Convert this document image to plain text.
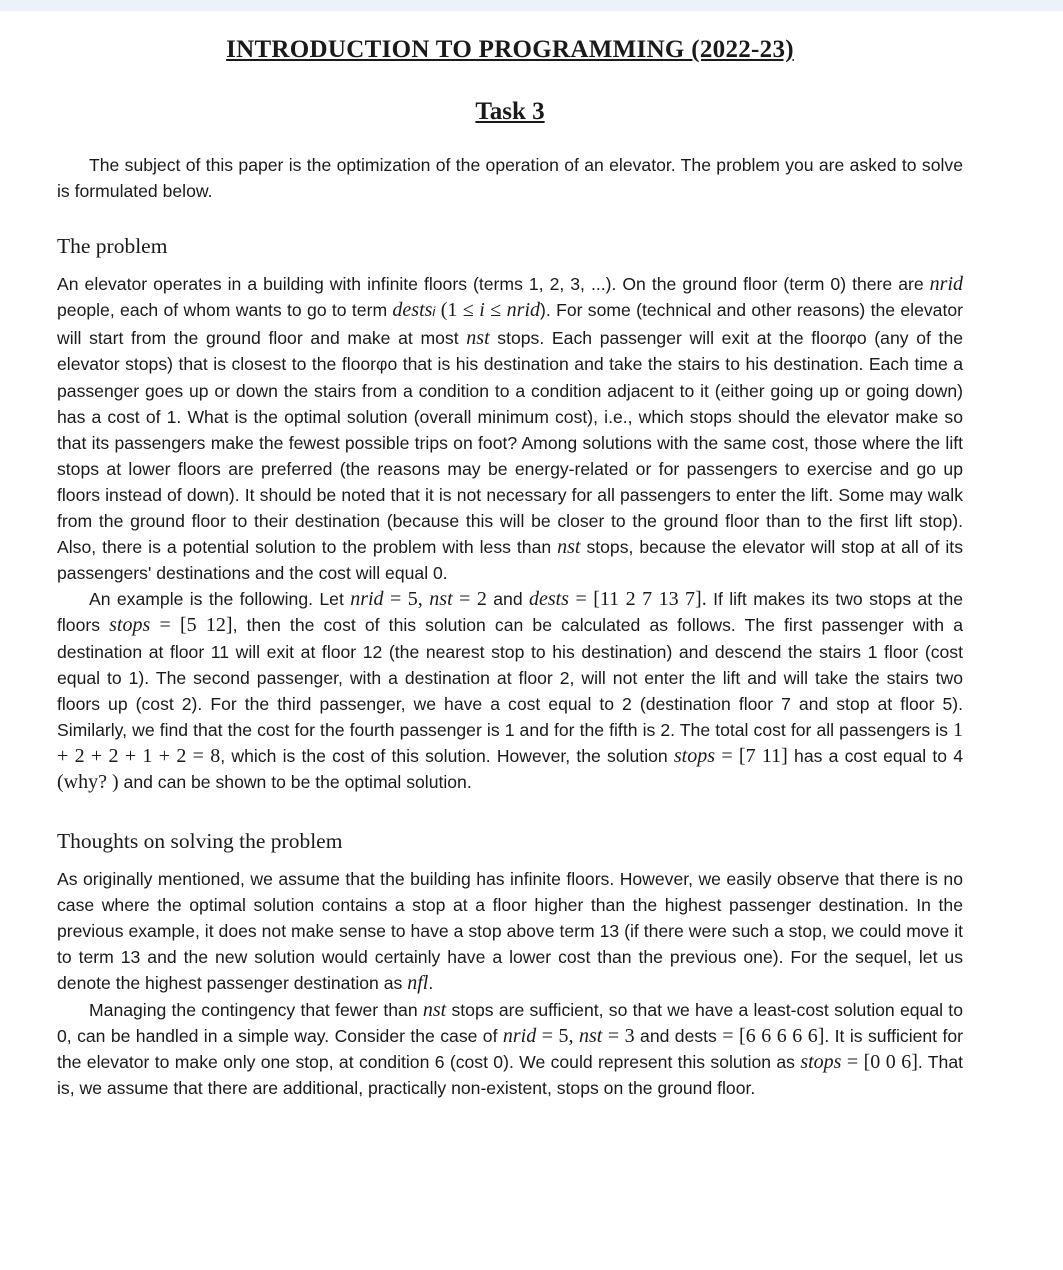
INTRODUCTION TO PROGRAMMING (2022-23)
Task 3

The subject of this paper is the optimization of the operation of an elevator. The problem you are asked to solve is formulated below.

The problem

An elevator operates in a building with infinite floors (terms 1, 2, 3, ...). On the ground floor (term 0) there are nrid people, each of whom wants to go to term destsi (1 ≤ i ≤ nrid). For some (technical and other reasons) the elevator will start from the ground floor and make at most nst stops. Each passenger will exit at the floorφο (any of the elevator stops) that is closest to the floorφο that is his destination and take the stairs to his destination. Each time a passenger goes up or down the stairs from a condition to a condition adjacent to it (either going up or going down) has a cost of 1. What is the optimal solution (overall minimum cost), i.e., which stops should the elevator make so that its passengers make the fewest possible trips on foot? Among solutions with the same cost, those where the lift stops at lower floors are preferred (the reasons may be energy-related or for passengers to exercise and go up floors instead of down). It should be noted that it is not necessary for all passengers to enter the lift. Some may walk from the ground floor to their destination (because this will be closer to the ground floor than to the first lift stop). Also, there is a potential solution to the problem with less than nst stops, because the elevator will stop at all of its passengers' destinations and the cost will equal 0.

An example is the following. Let nrid = 5, nst = 2 and dests = [11 2 7 13 7]. If lift makes its two stops at the floors stops = [5 12], then the cost of this solution can be calculated as follows. The first passenger with a destination at floor 11 will exit at floor 12 (the nearest stop to his destination) and descend the stairs 1 floor (cost equal to 1). The second passenger, with a destination at floor 2, will not enter the lift and will take the stairs two floors up (cost 2). For the third passenger, we have a cost equal to 2 (destination floor 7 and stop at floor 5). Similarly, we find that the cost for the fourth passenger is 1 and for the fifth is 2. The total cost for all passengers is 1 + 2 + 2 + 1 + 2 = 8, which is the cost of this solution. However, the solution stops = [7 11] has a cost equal to 4 (why? ) and can be shown to be the optimal solution.

Thoughts on solving the problem

As originally mentioned, we assume that the building has infinite floors. However, we easily observe that there is no case where the optimal solution contains a stop at a floor higher than the highest passenger destination. In the previous example, it does not make sense to have a stop above term 13 (if there were such a stop, we could move it to term 13 and the new solution would certainly have a lower cost than the previous one). For the sequel, let us denote the highest passenger destination as nfl.

Managing the contingency that fewer than nst stops are sufficient, so that we have a least-cost solution equal to 0, can be handled in a simple way. Consider the case of nrid = 5, nst = 3 and dests = [6 6 6 6 6]. It is sufficient for the elevator to make only one stop, at condition 6 (cost 0). We could represent this solution as stops = [0 0 6]. That is, we assume that there are additional, practically non-existent, stops on the ground floor.
